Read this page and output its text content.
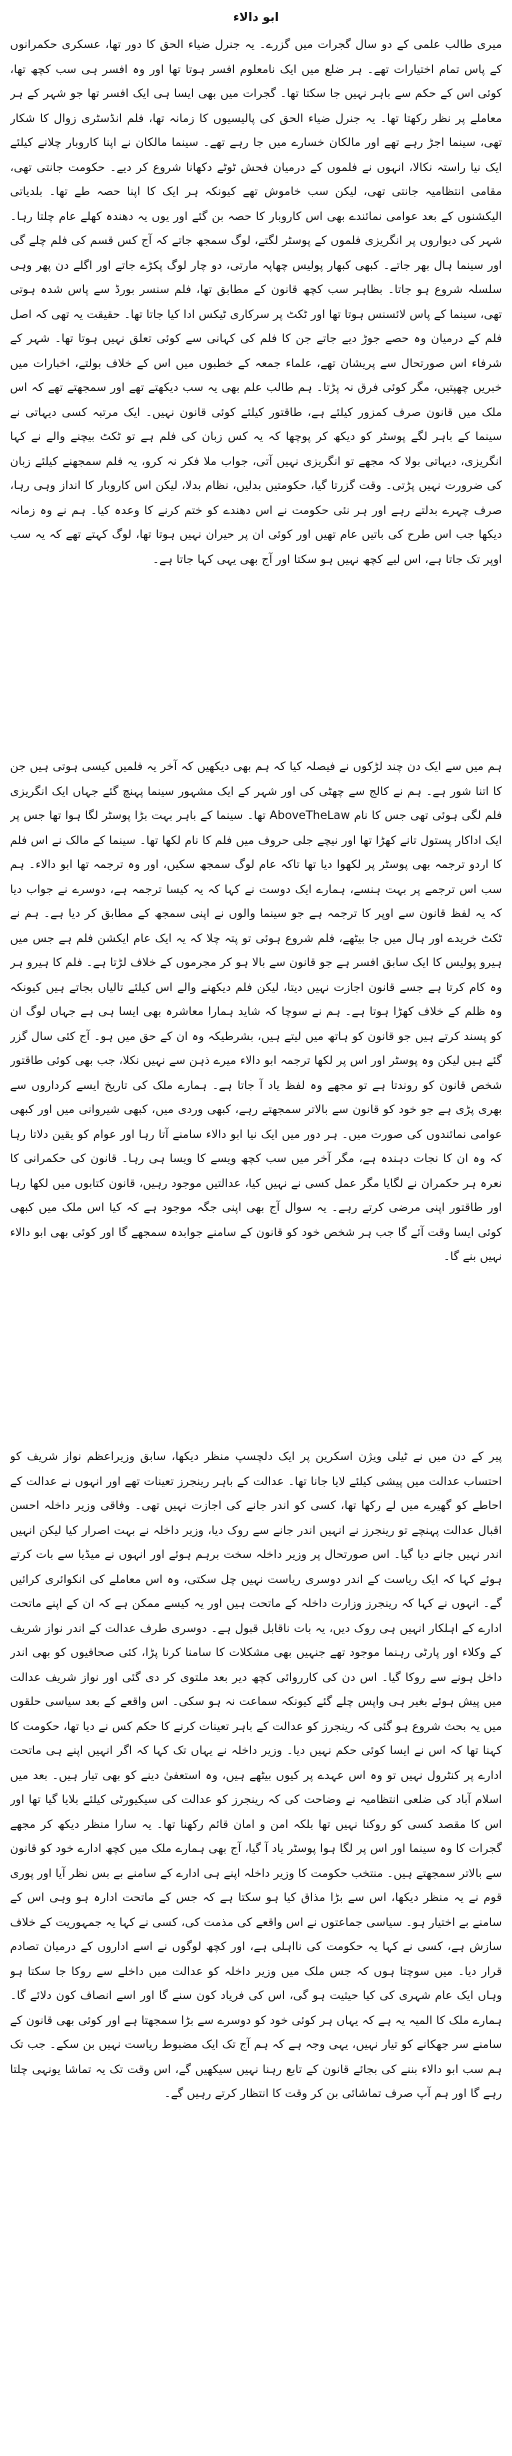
ابو دالاء

میری طالب علمی کے دو سال گجرات میں گزرے۔ یہ جنرل ضیاء الحق کا دور تھا، عسکری حکمرانوں کے پاس تمام اختیارات تھے۔ ہر ضلع میں ایک نامعلوم افسر ہوتا تھا اور وہ افسر ہی سب کچھ تھا، کوئی اس کے حکم سے باہر نہیں جا سکتا تھا۔ گجرات میں بھی ایسا ہی ایک افسر تھا جو شہر کے ہر معاملے پر نظر رکھتا تھا۔ یہ جنرل ضیاء الحق کی پالیسیوں کا زمانہ تھا، فلم انڈسٹری زوال کا شکار تھی، سینما اجڑ رہے تھے اور مالکان خسارے میں جا رہے تھے۔ سینما مالکان نے اپنا کاروبار چلانے کیلئے ایک نیا راستہ نکالا، انہوں نے فلموں کے درمیان فحش ٹوٹے دکھانا شروع کر دیے۔ حکومت جانتی تھی، مقامی انتظامیہ جانتی تھی، لیکن سب خاموش تھے کیونکہ ہر ایک کا اپنا حصہ طے تھا۔ بلدیاتی الیکشنوں کے بعد عوامی نمائندے بھی اس کاروبار کا حصہ بن گئے اور یوں یہ دھندہ کھلے عام چلتا رہا۔ شہر کی دیواروں پر انگریزی فلموں کے پوسٹر لگتے، لوگ سمجھ جاتے کہ آج کس قسم کی فلم چلے گی اور سینما ہال بھر جاتے۔ کبھی کبھار پولیس چھاپہ مارتی، دو چار لوگ پکڑے جاتے اور اگلے دن پھر وہی سلسلہ شروع ہو جاتا۔ بظاہر سب کچھ قانون کے مطابق تھا، فلم سنسر بورڈ سے پاس شدہ ہوتی تھی، سینما کے پاس لائسنس ہوتا تھا اور ٹکٹ پر سرکاری ٹیکس ادا کیا جاتا تھا۔ حقیقت یہ تھی کہ اصل فلم کے درمیان وہ حصے جوڑ دیے جاتے جن کا فلم کی کہانی سے کوئی تعلق نہیں ہوتا تھا۔ شہر کے شرفاء اس صورتحال سے پریشان تھے، علماء جمعہ کے خطبوں میں اس کے خلاف بولتے، اخبارات میں خبریں چھپتیں، مگر کوئی فرق نہ پڑتا۔ ہم طالب علم بھی یہ سب دیکھتے تھے اور سمجھتے تھے کہ اس ملک میں قانون صرف کمزور کیلئے ہے، طاقتور کیلئے کوئی قانون نہیں۔ ایک مرتبہ کسی دیہاتی نے سینما کے باہر لگے پوسٹر کو دیکھ کر پوچھا کہ یہ کس زبان کی فلم ہے تو ٹکٹ بیچنے والے نے کہا انگریزی، دیہاتی بولا کہ مجھے تو انگریزی نہیں آتی، جواب ملا فکر نہ کرو، یہ فلم سمجھنے کیلئے زبان کی ضرورت نہیں پڑتی۔ وقت گزرتا گیا، حکومتیں بدلیں، نظام بدلا، لیکن اس کاروبار کا انداز وہی رہا، صرف چہرے بدلتے رہے اور ہر نئی حکومت نے اس دھندے کو ختم کرنے کا وعدہ کیا۔ ہم نے وہ زمانہ دیکھا جب اس طرح کی باتیں عام تھیں اور کوئی ان پر حیران نہیں ہوتا تھا، لوگ کہتے تھے کہ یہ سب اوپر تک جاتا ہے، اس لیے کچھ نہیں ہو سکتا اور آج بھی یہی کہا جاتا ہے۔

ہم میں سے ایک دن چند لڑکوں نے فیصلہ کیا کہ ہم بھی دیکھیں کہ آخر یہ فلمیں کیسی ہوتی ہیں جن کا اتنا شور ہے۔ ہم نے کالج سے چھٹی کی اور شہر کے ایک مشہور سینما پہنچ گئے جہاں ایک انگریزی فلم لگی ہوئی تھی جس کا نام AboveTheLaw تھا۔ سینما کے باہر بہت بڑا پوسٹر لگا ہوا تھا جس پر ایک اداکار پستول تانے کھڑا تھا اور نیچے جلی حروف میں فلم کا نام لکھا تھا۔ سینما کے مالک نے اس فلم کا اردو ترجمہ بھی پوسٹر پر لکھوا دیا تھا تاکہ عام لوگ سمجھ سکیں، اور وہ ترجمہ تھا ابو دالاء۔ ہم سب اس ترجمے پر بہت ہنسے، ہمارے ایک دوست نے کہا کہ یہ کیسا ترجمہ ہے، دوسرے نے جواب دیا کہ یہ لفظ قانون سے اوپر کا ترجمہ ہے جو سینما والوں نے اپنی سمجھ کے مطابق کر دیا ہے۔ ہم نے ٹکٹ خریدے اور ہال میں جا بیٹھے، فلم شروع ہوئی تو پتہ چلا کہ یہ ایک عام ایکشن فلم ہے جس میں ہیرو پولیس کا ایک سابق افسر ہے جو قانون سے بالا ہو کر مجرموں کے خلاف لڑتا ہے۔ فلم کا ہیرو ہر وہ کام کرتا ہے جسے قانون اجازت نہیں دیتا، لیکن فلم دیکھنے والے اس کیلئے تالیاں بجاتے ہیں کیونکہ وہ ظلم کے خلاف کھڑا ہوتا ہے۔ ہم نے سوچا کہ شاید ہمارا معاشرہ بھی ایسا ہی ہے جہاں لوگ ان کو پسند کرتے ہیں جو قانون کو ہاتھ میں لیتے ہیں، بشرطیکہ وہ ان کے حق میں ہو۔ آج کئی سال گزر گئے ہیں لیکن وہ پوسٹر اور اس پر لکھا ترجمہ ابو دالاء میرے ذہن سے نہیں نکلا، جب بھی کوئی طاقتور شخص قانون کو روندتا ہے تو مجھے وہ لفظ یاد آ جاتا ہے۔ ہمارے ملک کی تاریخ ایسے کرداروں سے بھری پڑی ہے جو خود کو قانون سے بالاتر سمجھتے رہے، کبھی وردی میں، کبھی شیروانی میں اور کبھی عوامی نمائندوں کی صورت میں۔ ہر دور میں ایک نیا ابو دالاء سامنے آتا رہا اور عوام کو یقین دلاتا رہا کہ وہ ان کا نجات دہندہ ہے، مگر آخر میں سب کچھ ویسے کا ویسا ہی رہا۔ قانون کی حکمرانی کا نعرہ ہر حکمران نے لگایا مگر عمل کسی نے نہیں کیا، عدالتیں موجود رہیں، قانون کتابوں میں لکھا رہا اور طاقتور اپنی مرضی کرتے رہے۔ یہ سوال آج بھی اپنی جگہ موجود ہے کہ کیا اس ملک میں کبھی کوئی ایسا وقت آئے گا جب ہر شخص خود کو قانون کے سامنے جوابدہ سمجھے گا اور کوئی بھی ابو دالاء نہیں بنے گا۔

پیر کے دن میں نے ٹیلی ویژن اسکرین پر ایک دلچسپ منظر دیکھا، سابق وزیراعظم نواز شریف کو احتساب عدالت میں پیشی کیلئے لایا جانا تھا۔ عدالت کے باہر رینجرز تعینات تھے اور انہوں نے عدالت کے احاطے کو گھیرے میں لے رکھا تھا، کسی کو اندر جانے کی اجازت نہیں تھی۔ وفاقی وزیر داخلہ احسن اقبال عدالت پہنچے تو رینجرز نے انہیں اندر جانے سے روک دیا، وزیر داخلہ نے بہت اصرار کیا لیکن انہیں اندر نہیں جانے دیا گیا۔ اس صورتحال پر وزیر داخلہ سخت برہم ہوئے اور انہوں نے میڈیا سے بات کرتے ہوئے کہا کہ ایک ریاست کے اندر دوسری ریاست نہیں چل سکتی، وہ اس معاملے کی انکوائری کرائیں گے۔ انہوں نے کہا کہ رینجرز وزارت داخلہ کے ماتحت ہیں اور یہ کیسے ممکن ہے کہ ان کے اپنے ماتحت ادارے کے اہلکار انہیں ہی روک دیں، یہ بات ناقابل قبول ہے۔ دوسری طرف عدالت کے اندر نواز شریف کے وکلاء اور پارٹی رہنما موجود تھے جنہیں بھی مشکلات کا سامنا کرنا پڑا، کئی صحافیوں کو بھی اندر داخل ہونے سے روکا گیا۔ اس دن کی کارروائی کچھ دیر بعد ملتوی کر دی گئی اور نواز شریف عدالت میں پیش ہوئے بغیر ہی واپس چلے گئے کیونکہ سماعت نہ ہو سکی۔ اس واقعے کے بعد سیاسی حلقوں میں یہ بحث شروع ہو گئی کہ رینجرز کو عدالت کے باہر تعینات کرنے کا حکم کس نے دیا تھا، حکومت کا کہنا تھا کہ اس نے ایسا کوئی حکم نہیں دیا۔ وزیر داخلہ نے یہاں تک کہا کہ اگر انہیں اپنے ہی ماتحت ادارے پر کنٹرول نہیں تو وہ اس عہدے پر کیوں بیٹھے ہیں، وہ استعفیٰ دینے کو بھی تیار ہیں۔ بعد میں اسلام آباد کی ضلعی انتظامیہ نے وضاحت کی کہ رینجرز کو عدالت کی سیکیورٹی کیلئے بلایا گیا تھا اور اس کا مقصد کسی کو روکنا نہیں تھا بلکہ امن و امان قائم رکھنا تھا۔ یہ سارا منظر دیکھ کر مجھے گجرات کا وہ سینما اور اس پر لگا ہوا پوسٹر یاد آ گیا، آج بھی ہمارے ملک میں کچھ ادارے خود کو قانون سے بالاتر سمجھتے ہیں۔ منتخب حکومت کا وزیر داخلہ اپنے ہی ادارے کے سامنے بے بس نظر آیا اور پوری قوم نے یہ منظر دیکھا، اس سے بڑا مذاق کیا ہو سکتا ہے کہ جس کے ماتحت ادارہ ہو وہی اس کے سامنے بے اختیار ہو۔ سیاسی جماعتوں نے اس واقعے کی مذمت کی، کسی نے کہا یہ جمہوریت کے خلاف سازش ہے، کسی نے کہا یہ حکومت کی نااہلی ہے، اور کچھ لوگوں نے اسے اداروں کے درمیان تصادم قرار دیا۔ میں سوچتا ہوں کہ جس ملک میں وزیر داخلہ کو عدالت میں داخلے سے روکا جا سکتا ہو وہاں ایک عام شہری کی کیا حیثیت ہو گی، اس کی فریاد کون سنے گا اور اسے انصاف کون دلائے گا۔ ہمارے ملک کا المیہ یہ ہے کہ یہاں ہر کوئی خود کو دوسرے سے بڑا سمجھتا ہے اور کوئی بھی قانون کے سامنے سر جھکانے کو تیار نہیں، یہی وجہ ہے کہ ہم آج تک ایک مضبوط ریاست نہیں بن سکے۔ جب تک ہم سب ابو دالاء بننے کی بجائے قانون کے تابع رہنا نہیں سیکھیں گے، اس وقت تک یہ تماشا یونہی چلتا رہے گا اور ہم آپ صرف تماشائی بن کر وقت کا انتظار کرتے رہیں گے۔
